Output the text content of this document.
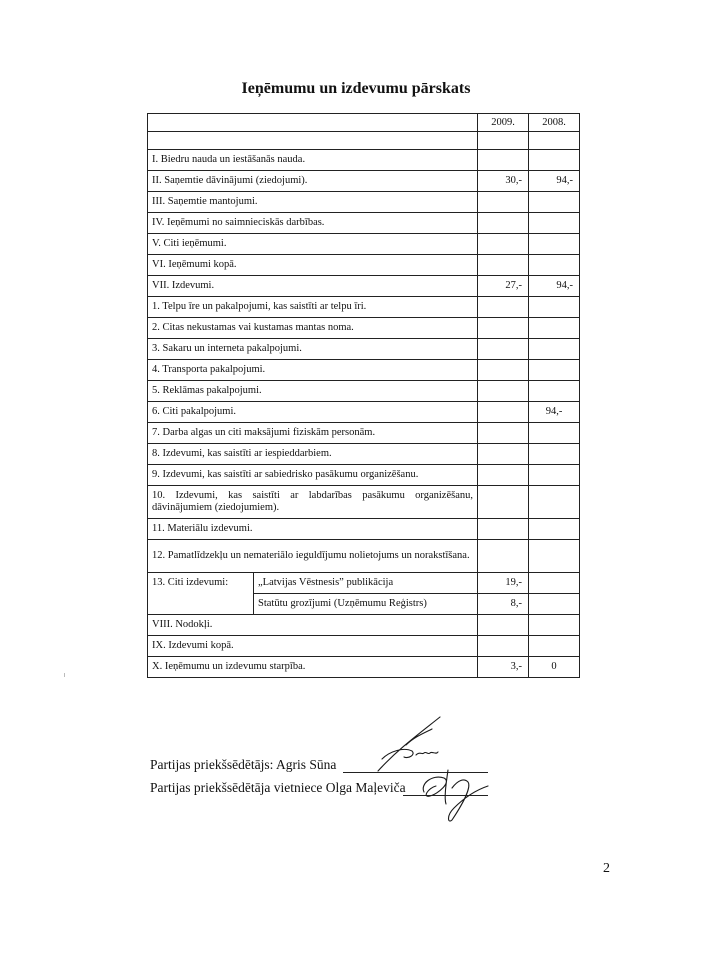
Ieņēmumu un izdevumu pārskats
		2009.	2008.

I. Biedru nauda un iestāšanās nauda.			
II. Saņemtie dāvinājumi (ziedojumi).		30,-	94,-
III. Saņemtie mantojumi.			
IV. Ieņēmumi no saimnieciskās darbības.			
V. Citi ieņēmumi.			
VI. Ieņēmumi kopā.			
VII. Izdevumi.		27,-	94,-
1. Telpu īre un pakalpojumi, kas saistīti ar telpu īri.			
2. Citas nekustamas vai kustamas mantas noma.			
3. Sakaru un interneta pakalpojumi.			
4. Transporta pakalpojumi.			
5. Reklāmas pakalpojumi.			
6. Citi pakalpojumi.			94,-
7. Darba algas un citi maksājumi fiziskām personām.			
8. Izdevumi, kas saistīti ar iespieddarbiem.			
9. Izdevumi, kas saistīti ar sabiedrisko pasākumu organizēšanu.			
10. Izdevumi, kas saistīti ar labdarības pasākumu organizēšanu, dāvinājumiem (ziedojumiem).			
11. Materiālu izdevumi.			
12. Pamatlīdzekļu un nemateriālo ieguldījumu nolietojums un norakstīšana.			
13. Citi izdevumi:	„Latvijas Vēstnesis” publikācija	19,-	
	Statūtu grozījumi (Uzņēmumu Reģistrs)	8,-	
VIII. Nodokļi.			
IX. Izdevumi kopā.			
X. Ieņēmumu un izdevumu starpība.		3,-	0
Partijas priekšsēdētājs: Agris Sūna
Partijas priekšsēdētāja vietniece Olga Maļeviča
2
